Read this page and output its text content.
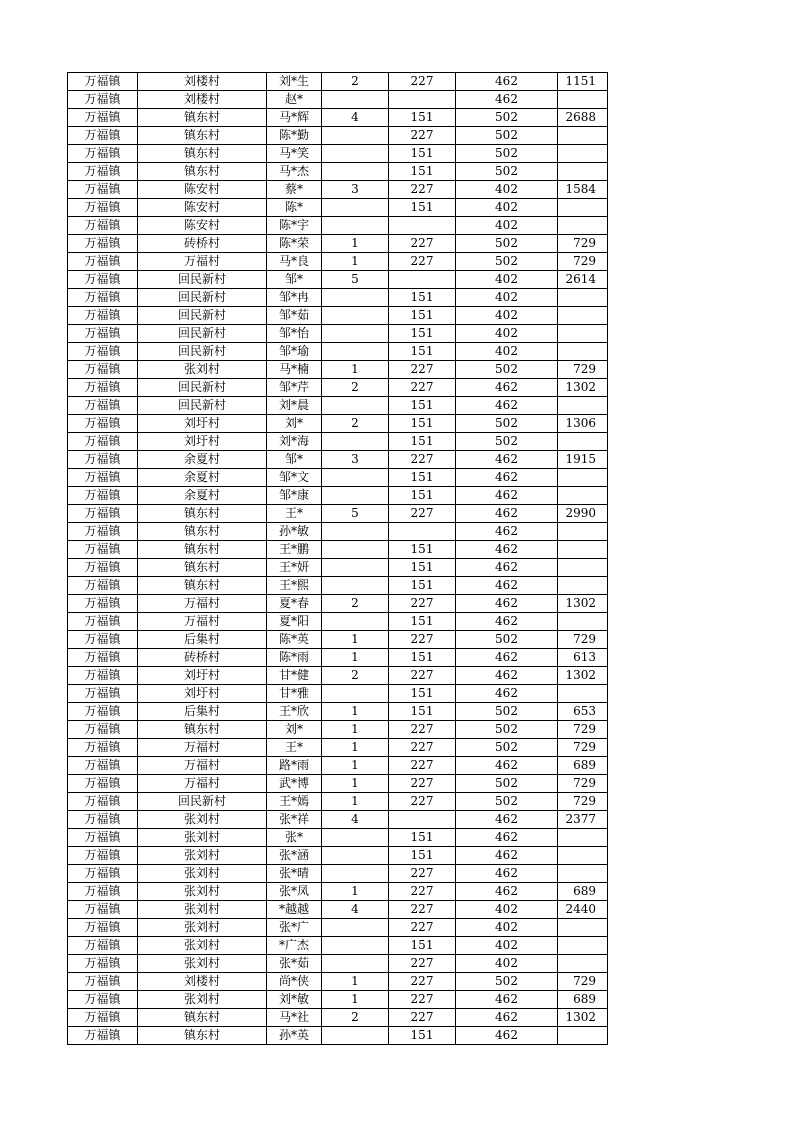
万福镇	刘楼村	刘*生	2	227	462	1151
万福镇	刘楼村	赵*			462	
万福镇	镇东村	马*辉	4	151	502	2688
万福镇	镇东村	陈*勤		227	502	
万福镇	镇东村	马*笑		151	502	
万福镇	镇东村	马*杰		151	502	
万福镇	陈安村	蔡*	3	227	402	1584
万福镇	陈安村	陈*		151	402	
万福镇	陈安村	陈*宇			402	
万福镇	砖桥村	陈*荣	1	227	502	729
万福镇	万福村	马*良	1	227	502	729
万福镇	回民新村	邹*	5		402	2614
万福镇	回民新村	邹*冉		151	402	
万福镇	回民新村	邹*茹		151	402	
万福镇	回民新村	邹*怡		151	402	
万福镇	回民新村	邹*瑜		151	402	
万福镇	张刘村	马*楠	1	227	502	729
万福镇	回民新村	邹*芹	2	227	462	1302
万福镇	回民新村	刘*晨		151	462	
万福镇	刘圩村	刘*	2	151	502	1306
万福镇	刘圩村	刘*海		151	502	
万福镇	余夏村	邹*	3	227	462	1915
万福镇	余夏村	邹*文		151	462	
万福镇	余夏村	邹*康		151	462	
万福镇	镇东村	王*	5	227	462	2990
万福镇	镇东村	孙*敏			462	
万福镇	镇东村	王*鹏		151	462	
万福镇	镇东村	王*妍		151	462	
万福镇	镇东村	王*熙		151	462	
万福镇	万福村	夏*春	2	227	462	1302
万福镇	万福村	夏*阳		151	462	
万福镇	后集村	陈*英	1	227	502	729
万福镇	砖桥村	陈*雨	1	151	462	613
万福镇	刘圩村	甘*健	2	227	462	1302
万福镇	刘圩村	甘*雅		151	462	
万福镇	后集村	王*欣	1	151	502	653
万福镇	镇东村	刘*	1	227	502	729
万福镇	万福村	王*	1	227	502	729
万福镇	万福村	路*雨	1	227	462	689
万福镇	万福村	武*博	1	227	502	729
万福镇	回民新村	王*嫣	1	227	502	729
万福镇	张刘村	张*祥	4		462	2377
万福镇	张刘村	张*		151	462	
万福镇	张刘村	张*涵		151	462	
万福镇	张刘村	张*晴		227	462	
万福镇	张刘村	张*凤	1	227	462	689
万福镇	张刘村	*越越	4	227	402	2440
万福镇	张刘村	张*广		227	402	
万福镇	张刘村	*广杰		151	402	
万福镇	张刘村	张*茹		227	402	
万福镇	刘楼村	尚*侠	1	227	502	729
万福镇	张刘村	刘*敏	1	227	462	689
万福镇	镇东村	马*社	2	227	462	1302
万福镇	镇东村	孙*英		151	462	
